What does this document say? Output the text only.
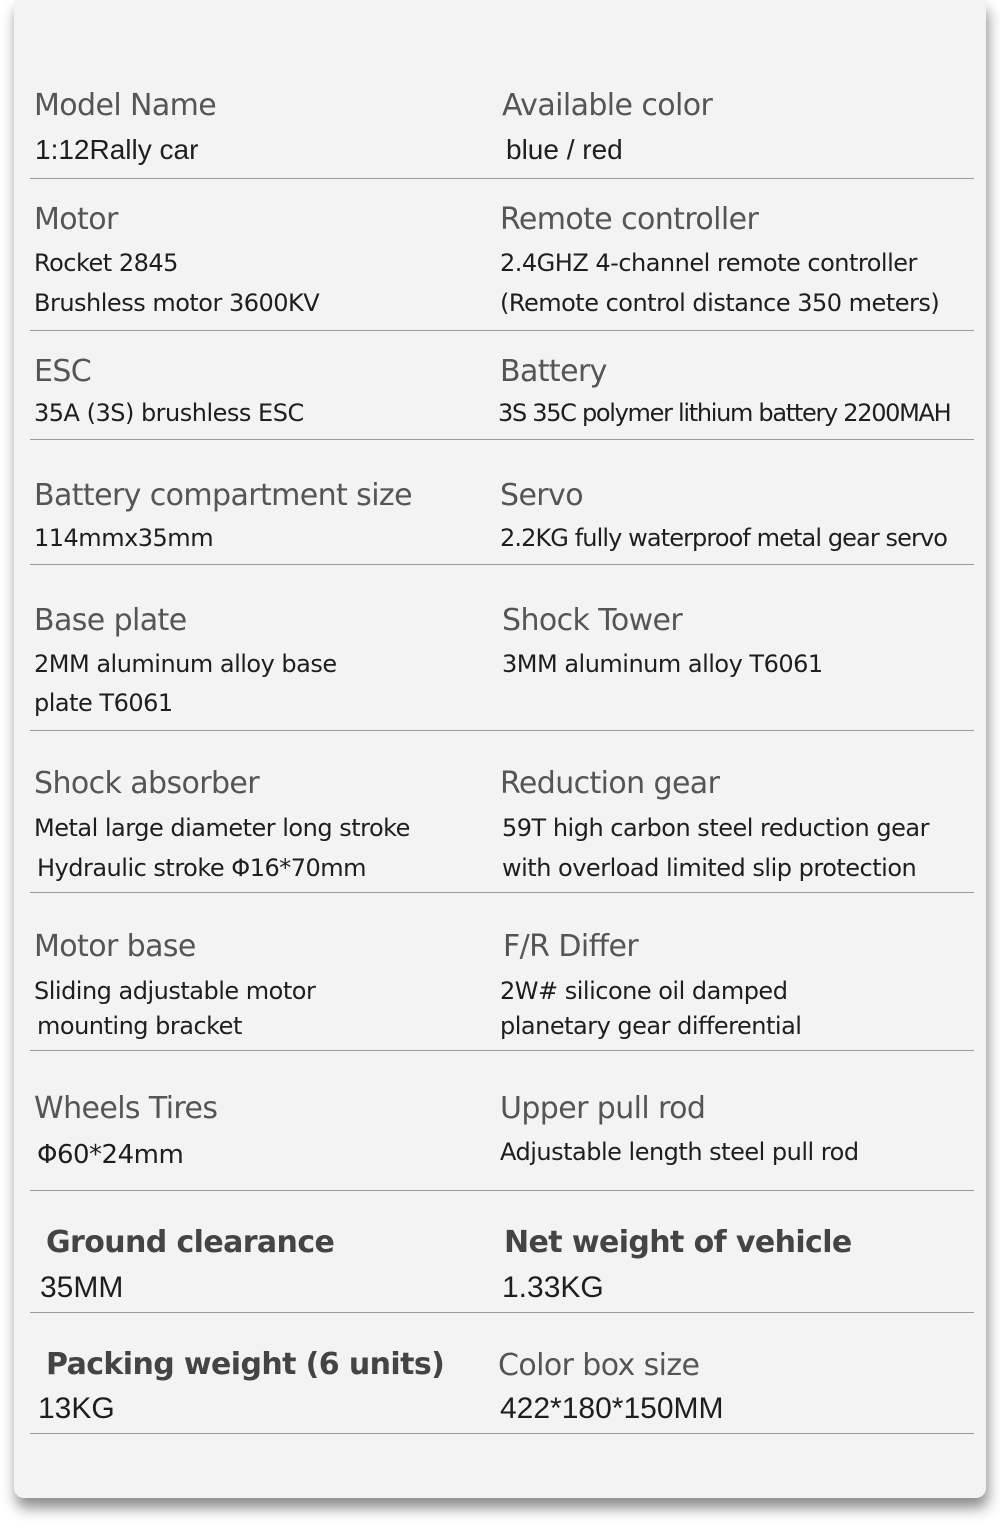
Model Name
1:12Rally car
Available color
blue / red
Motor
Rocket 2845
Brushless motor 3600KV
Remote controller
2.4GHZ 4-channel remote controller
(Remote control distance 350 meters)
ESC
35A (3S) brushless ESC
Battery
3S 35C polymer lithium battery 2200MAH
Battery compartment size
114mmx35mm
Servo
2.2KG fully waterproof metal gear servo
Base plate
2MM aluminum alloy base
plate T6061
Shock Tower
3MM aluminum alloy T6061
Shock absorber
Metal large diameter long stroke
Hydraulic stroke Φ16*70mm
Reduction gear
59T high carbon steel reduction gear
with overload limited slip protection
Motor base
Sliding adjustable motor
mounting bracket
F/R Differ
2W# silicone oil damped
planetary gear differential
Wheels Tires
Φ60*24mm
Upper pull rod
Adjustable length steel pull rod
Ground clearance
35MM
Net weight of vehicle
1.33KG
Packing weight (6 units)
13KG
Color box size
422*180*150MM
